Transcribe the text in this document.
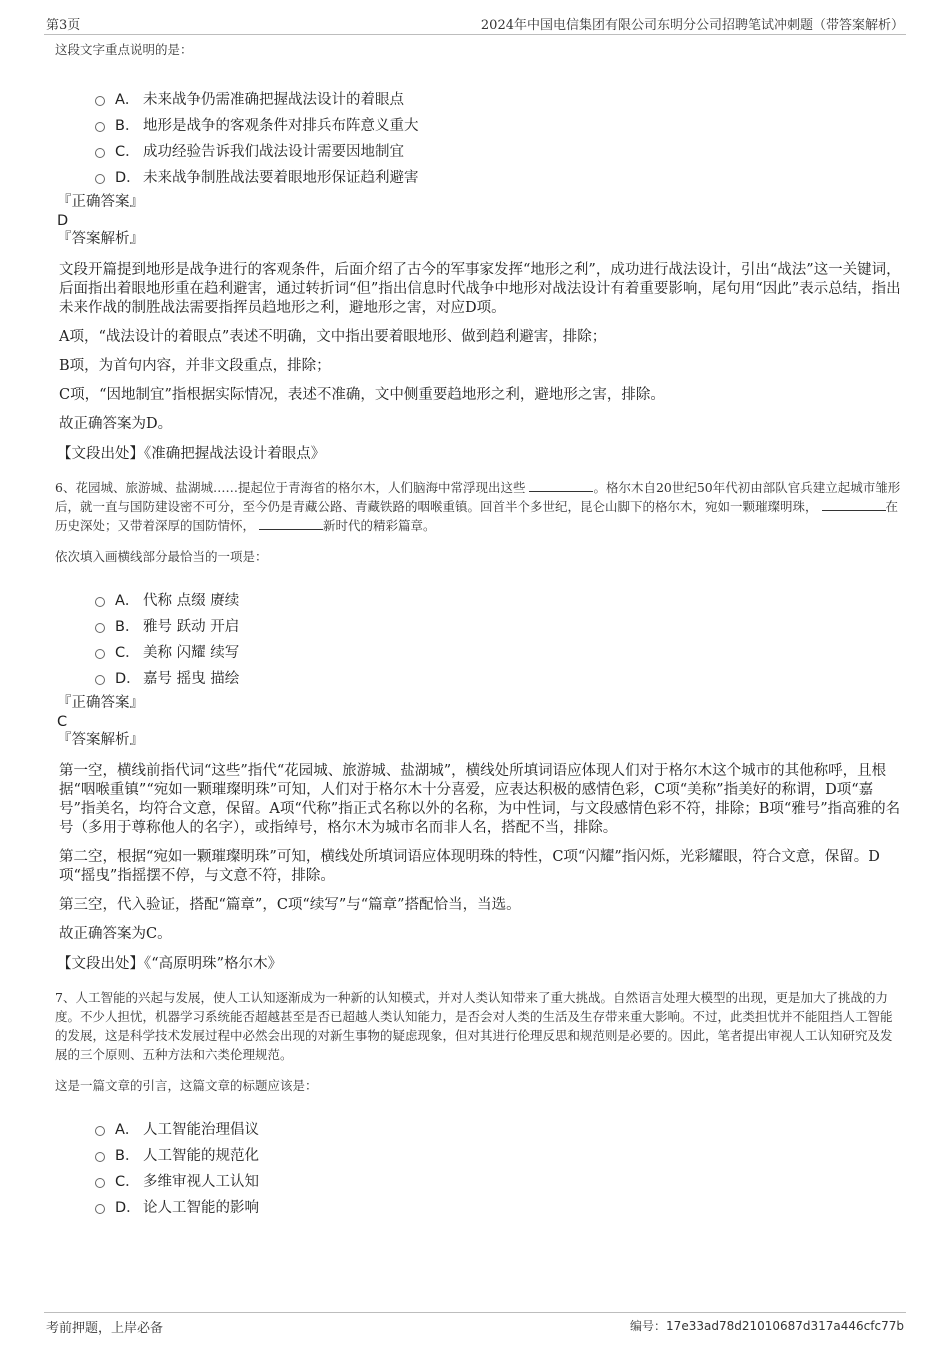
第3页	2024年中国电信集团有限公司东明分公司招聘笔试冲刺题（带答案解析）

这段文字重点说明的是：

A． 未来战争仍需准确把握战法设计的着眼点
B． 地形是战争的客观条件对排兵布阵意义重大
C． 成功经验告诉我们战法设计需要因地制宜
D． 未来战争制胜战法要着眼地形保证趋利避害
『正确答案』
D
『答案解析』

文段开篇提到地形是战争进行的客观条件，后面介绍了古今的军事家发挥“地形之利”，成功进行战法设计，引出“战法”这一关键词，后面指出着眼地形重在趋利避害，通过转折词“但”指出信息时代战争中地形对战法设计有着重要影响，尾句用“因此”表示总结，指出未来作战的制胜战法需要指挥员趋地形之利，避地形之害，对应D项。

A项，“战法设计的着眼点”表述不明确，文中指出要着眼地形、做到趋利避害，排除；

B项，为首句内容，并非文段重点，排除；

C项，“因地制宜”指根据实际情况，表述不准确，文中侧重要趋地形之利，避地形之害，排除。

故正确答案为D。

【文段出处】《准确把握战法设计着眼点》

6、花园城、旅游城、盐湖城……提起位于青海省的格尔木，人们脑海中常浮现出这些	。格尔木自20世纪50年代初由部队官兵建立起城市雏形后，就一直与国防建设密不可分，至今仍是青藏公路、青藏铁路的咽喉重镇。回首半个多世纪，昆仑山脚下的格尔木，宛如一颗璀璨明珠，	在历史深处；又带着深厚的国防情怀，	新时代的精彩篇章。

依次填入画横线部分最恰当的一项是：

A． 代称 点缀 赓续
B． 雅号 跃动 开启
C． 美称 闪耀 续写
D． 嘉号 摇曳 描绘
『正确答案』
C
『答案解析』

第一空，横线前指代词“这些”指代“花园城、旅游城、盐湖城”，横线处所填词语应体现人们对于格尔木这个城市的其他称呼，且根据“咽喉重镇”“宛如一颗璀璨明珠”可知，人们对于格尔木十分喜爱，应表达积极的感情色彩，C项“美称”指美好的称谓，D项“嘉号”指美名，均符合文意，保留。A项“代称”指正式名称以外的名称，为中性词，与文段感情色彩不符，排除；B项“雅号”指高雅的名号（多用于尊称他人的名字），或指绰号，格尔木为城市名而非人名，搭配不当，排除。

第二空，根据“宛如一颗璀璨明珠”可知，横线处所填词语应体现明珠的特性，C项“闪耀”指闪烁，光彩耀眼，符合文意，保留。D项“摇曳”指摇摆不停，与文意不符，排除。

第三空，代入验证，搭配“篇章”，C项“续写”与“篇章”搭配恰当，当选。

故正确答案为C。

【文段出处】《“高原明珠”格尔木》

7、人工智能的兴起与发展，使人工认知逐渐成为一种新的认知模式，并对人类认知带来了重大挑战。自然语言处理大模型的出现，更是加大了挑战的力度。不少人担忧，机器学习系统能否超越甚至是否已超越人类认知能力，是否会对人类的生活及生存带来重大影响。不过，此类担忧并不能阻挡人工智能的发展，这是科学技术发展过程中必然会出现的对新生事物的疑虑现象，但对其进行伦理反思和规范则是必要的。因此，笔者提出审视人工认知研究及发展的三个原则、五种方法和六类伦理规范。

这是一篇文章的引言，这篇文章的标题应该是：

A． 人工智能治理倡议
B． 人工智能的规范化
C． 多维审视人工认知
D． 论人工智能的影响
考前押题，上岸必备	编号：17e33ad78d21010687d317a446cfc77b
